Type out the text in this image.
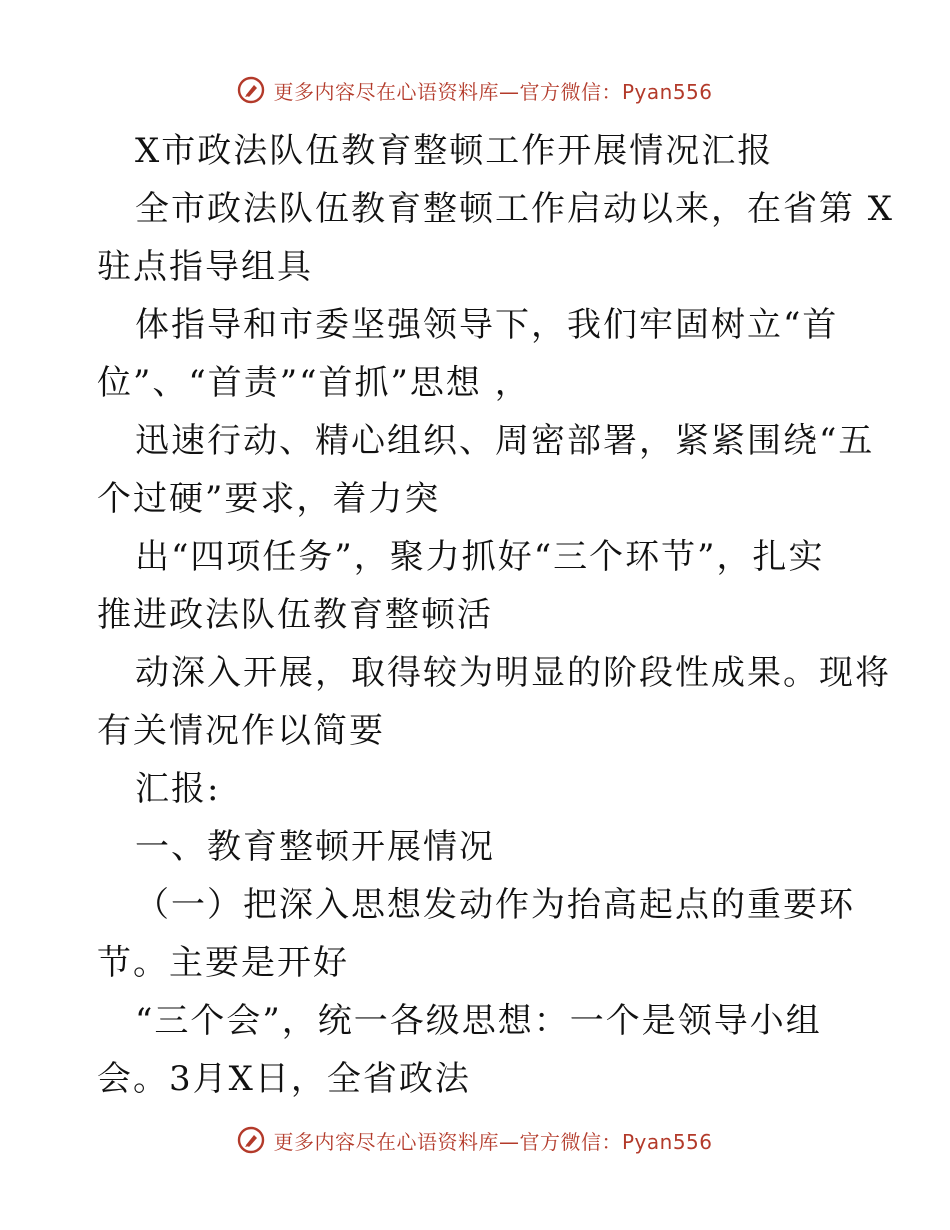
更多内容尽在心语资料库—官方微信：Pyan556
X市政法队伍教育整顿工作开展情况汇报
全市政法队伍教育整顿工作启动以来，在省第 X
驻点指导组具
体指导和市委坚强领导下，我们牢固树立“首
位”、“首责”“首抓”思想 ，
迅速行动、精心组织、周密部署，紧紧围绕“五
个过硬”要求，着力突
出“四项任务”，聚力抓好“三个环节”，扎实
推进政法队伍教育整顿活
动深入开展，取得较为明显的阶段性成果。现将
有关情况作以简要
汇报:
一、教育整顿开展情况
（一）把深入思想发动作为抬高起点的重要环
节。主要是开好
“三个会”，统一各级思想：一个是领导小组
会。3月X日，全省政法
更多内容尽在心语资料库—官方微信：Pyan556
